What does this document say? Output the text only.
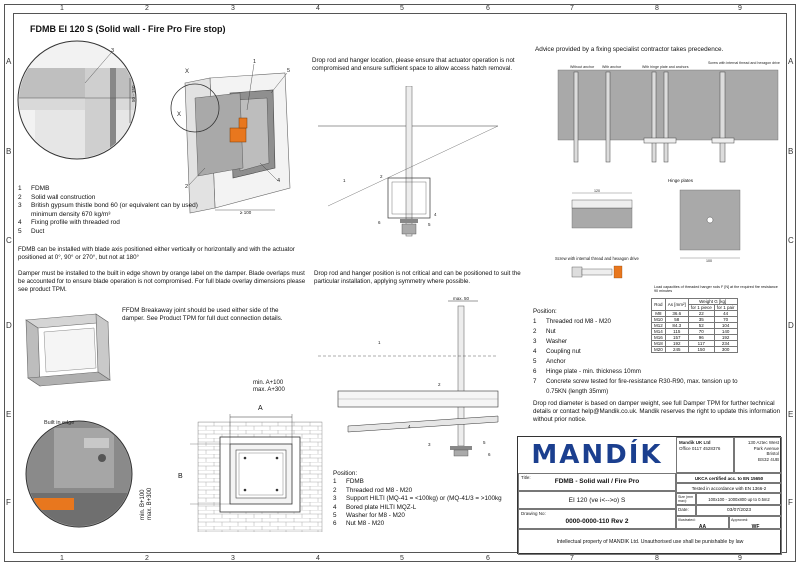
1	2	3	4	5	6	7	8	9
1	2	3	4	5	6	7	8	9
A
B
C
D
E
F
A
B
C
D
E
F
FDMB EI 120 S (Solid wall - Fire Pro Fire stop)
50 - 150
3
X
X
1
5
2
4
≥ 100
1	FDMB
2	Solid wall construction
3	British gypsum thistle bond 60 (or equivalent can by used)
minimum density 670 kg/m³
4	Fixing profile with threaded rod
5	Duct
FDMB can be installed with blade axis positioned either vertically or horizontally and with the actuator positioned at 0°, 90° or 270°, but not at 180°
Damper must be installed to the built in edge shown by orange label on the damper. Blade overlaps must be accounted for to ensure blade operation is not compromised. For full blade overlay dimensions please see product TPM.
FFDM Breakaway joint should be used either side of the damper. See Product TPM for full duct connection details.
Built in edge
min. A+100
max. A+300
A
B
min. B+100 max. B+300
Position:
1	FDMB
2	Threaded rod M8 - M20
3	Support HILTI (MQ-41 = <100kg) or (MQ-41/3 = >100kg
4	Bored plate HILTI MQZ-L
5	Washer for M8 - M20
6	Nut M8 - M20
Drop rod and hanger location, please ensure that actuator operation is not compromised and ensure sufficient space to allow access hatch removal.
1
2
6	5
4
Drop rod and hanger position is not critical and can be positioned to suit the particular installation, applying symmetry where possible.
max. 50
1
2
3
4
5
6
Advice provided by a fixing specialist contractor takes precedence.
Without anchor With anchor	With hinge plate and anchors
Screw with internal thread and hexagon drive
Hinge plates
120
100
Screw with internal thread and hexagon drive
Load capacities of threaded hanger rods F [N] at the required fire resistance 90 minutes
Rod	As [mm²]	Weight G [kg]	
		for 1 piece	for 1 pair
M8	36.6	22	44
M10	58	35	70
M12	84.3	52	104
M14	115	70	140
M16	157	96	192
M18	192	117	234
M20	245	150	300
Position:
1	Threaded rod M8 - M20
2	Nut
3	Washer
4	Coupling nut
5	Anchor
6	Hinge plate - min. thickness 10mm
7	Concrete screw tested for fire-resistance R30-R90, max. tension up to
0.75KN (length 35mm)
Drop rod diameter is based on damper weight, see full Damper TPM for further technical details or contact help@Mandik.co.uk. Mandik reserves the right to update this information without prior notice.
MANDÍK	Mandik UK Ltd
Office 0117 4528376
130 Aztec West
Park Avenue
Bristol
BS32 4UB
UKCA certified acc. to EN 15650
Title:
FDMB - Solid wall / Fire Pro
Tested in accordance with EN 1366-2
EI 120 (ve i<-->o) S	Size (mm max):	100x100 - 1000x800 up to 0.5m2
Date:	03/07/2023
Drawing No:
0000-0000-110 Rev 2	Illustrated:
AA
Approved:
WF
Intellectual property of MANDIK Ltd. Unauthorised use shall be punishable by law
